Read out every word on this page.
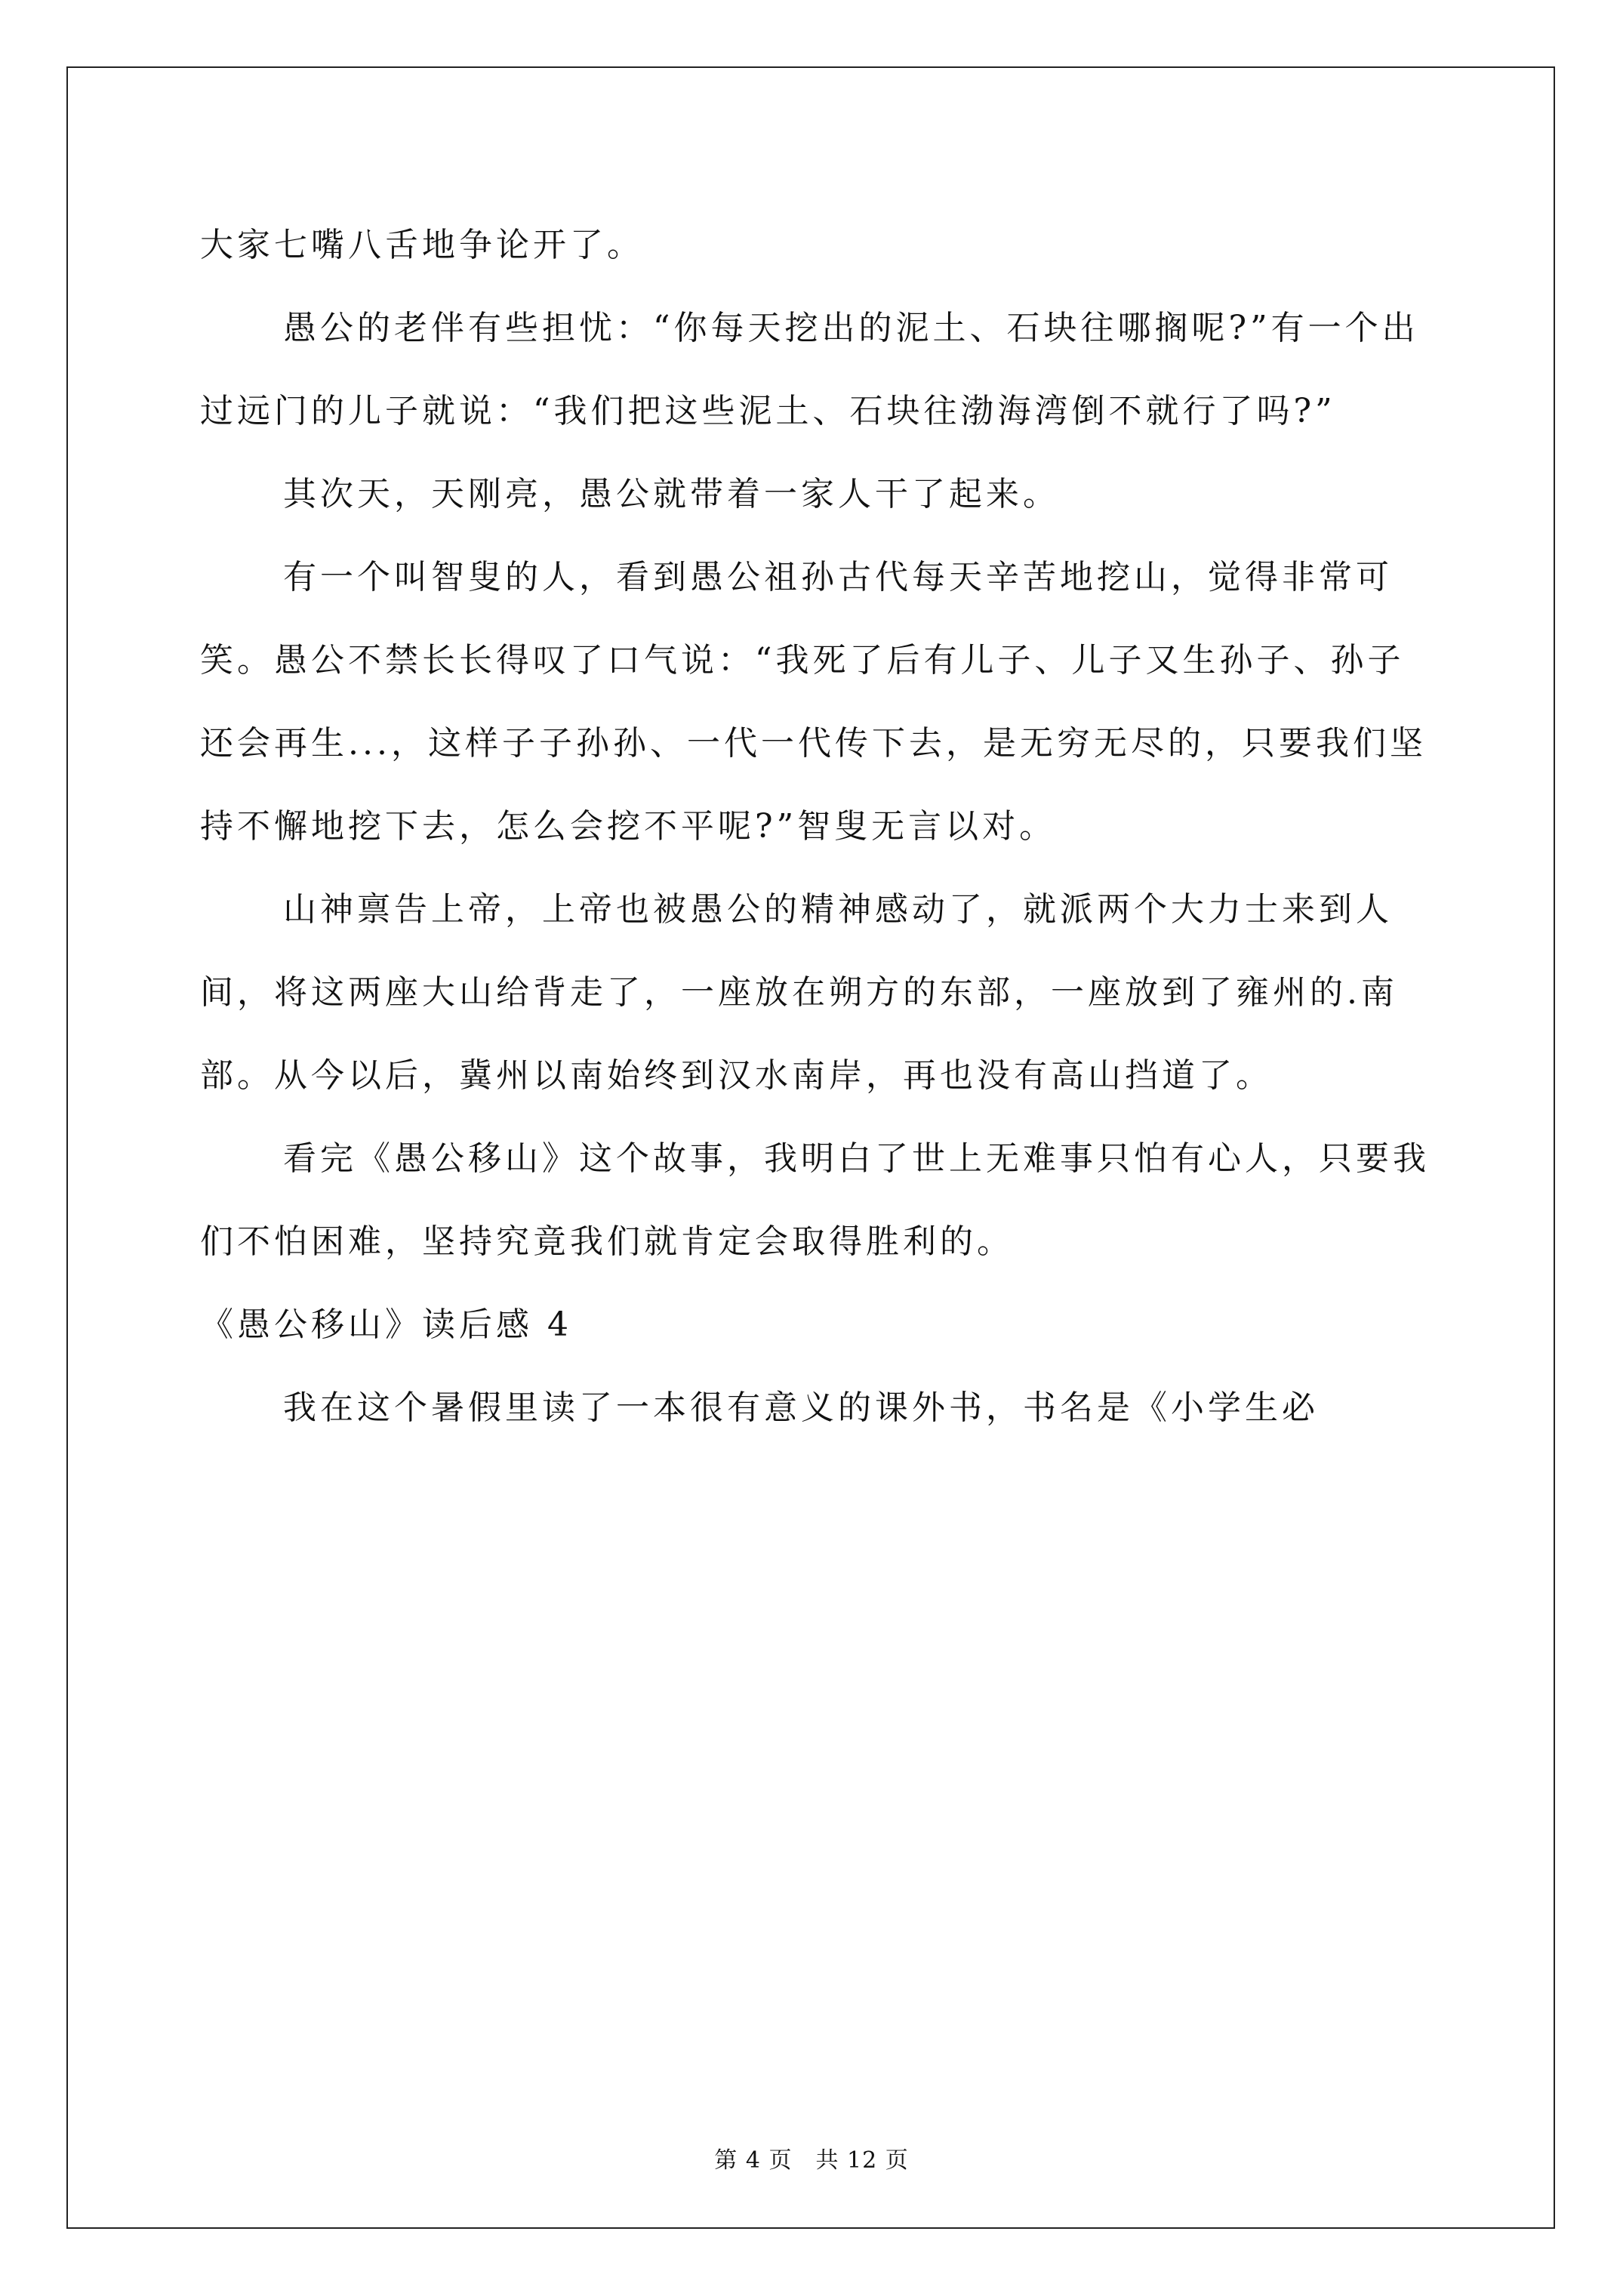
大家七嘴八舌地争论开了。

愚公的老伴有些担忧：“你每天挖出的泥土、石块往哪搁呢?”有一个出过远门的儿子就说：“我们把这些泥土、石块往渤海湾倒不就行了吗?”

其次天，天刚亮，愚公就带着一家人干了起来。

有一个叫智叟的人，看到愚公祖孙古代每天辛苦地挖山，觉得非常可笑。愚公不禁长长得叹了口气说：“我死了后有儿子、儿子又生孙子、孙子还会再生...，这样子子孙孙、一代一代传下去，是无穷无尽的，只要我们坚持不懈地挖下去，怎么会挖不平呢?”智叟无言以对。

山神禀告上帝，上帝也被愚公的精神感动了，就派两个大力士来到人间，将这两座大山给背走了，一座放在朔方的东部，一座放到了雍州的.南部。从今以后，冀州以南始终到汉水南岸，再也没有高山挡道了。

看完《愚公移山》这个故事，我明白了世上无难事只怕有心人，只要我们不怕困难，坚持究竟我们就肯定会取得胜利的。

《愚公移山》读后感 4

我在这个暑假里读了一本很有意义的课外书，书名是《小学生必

第 4 页　共 12 页
